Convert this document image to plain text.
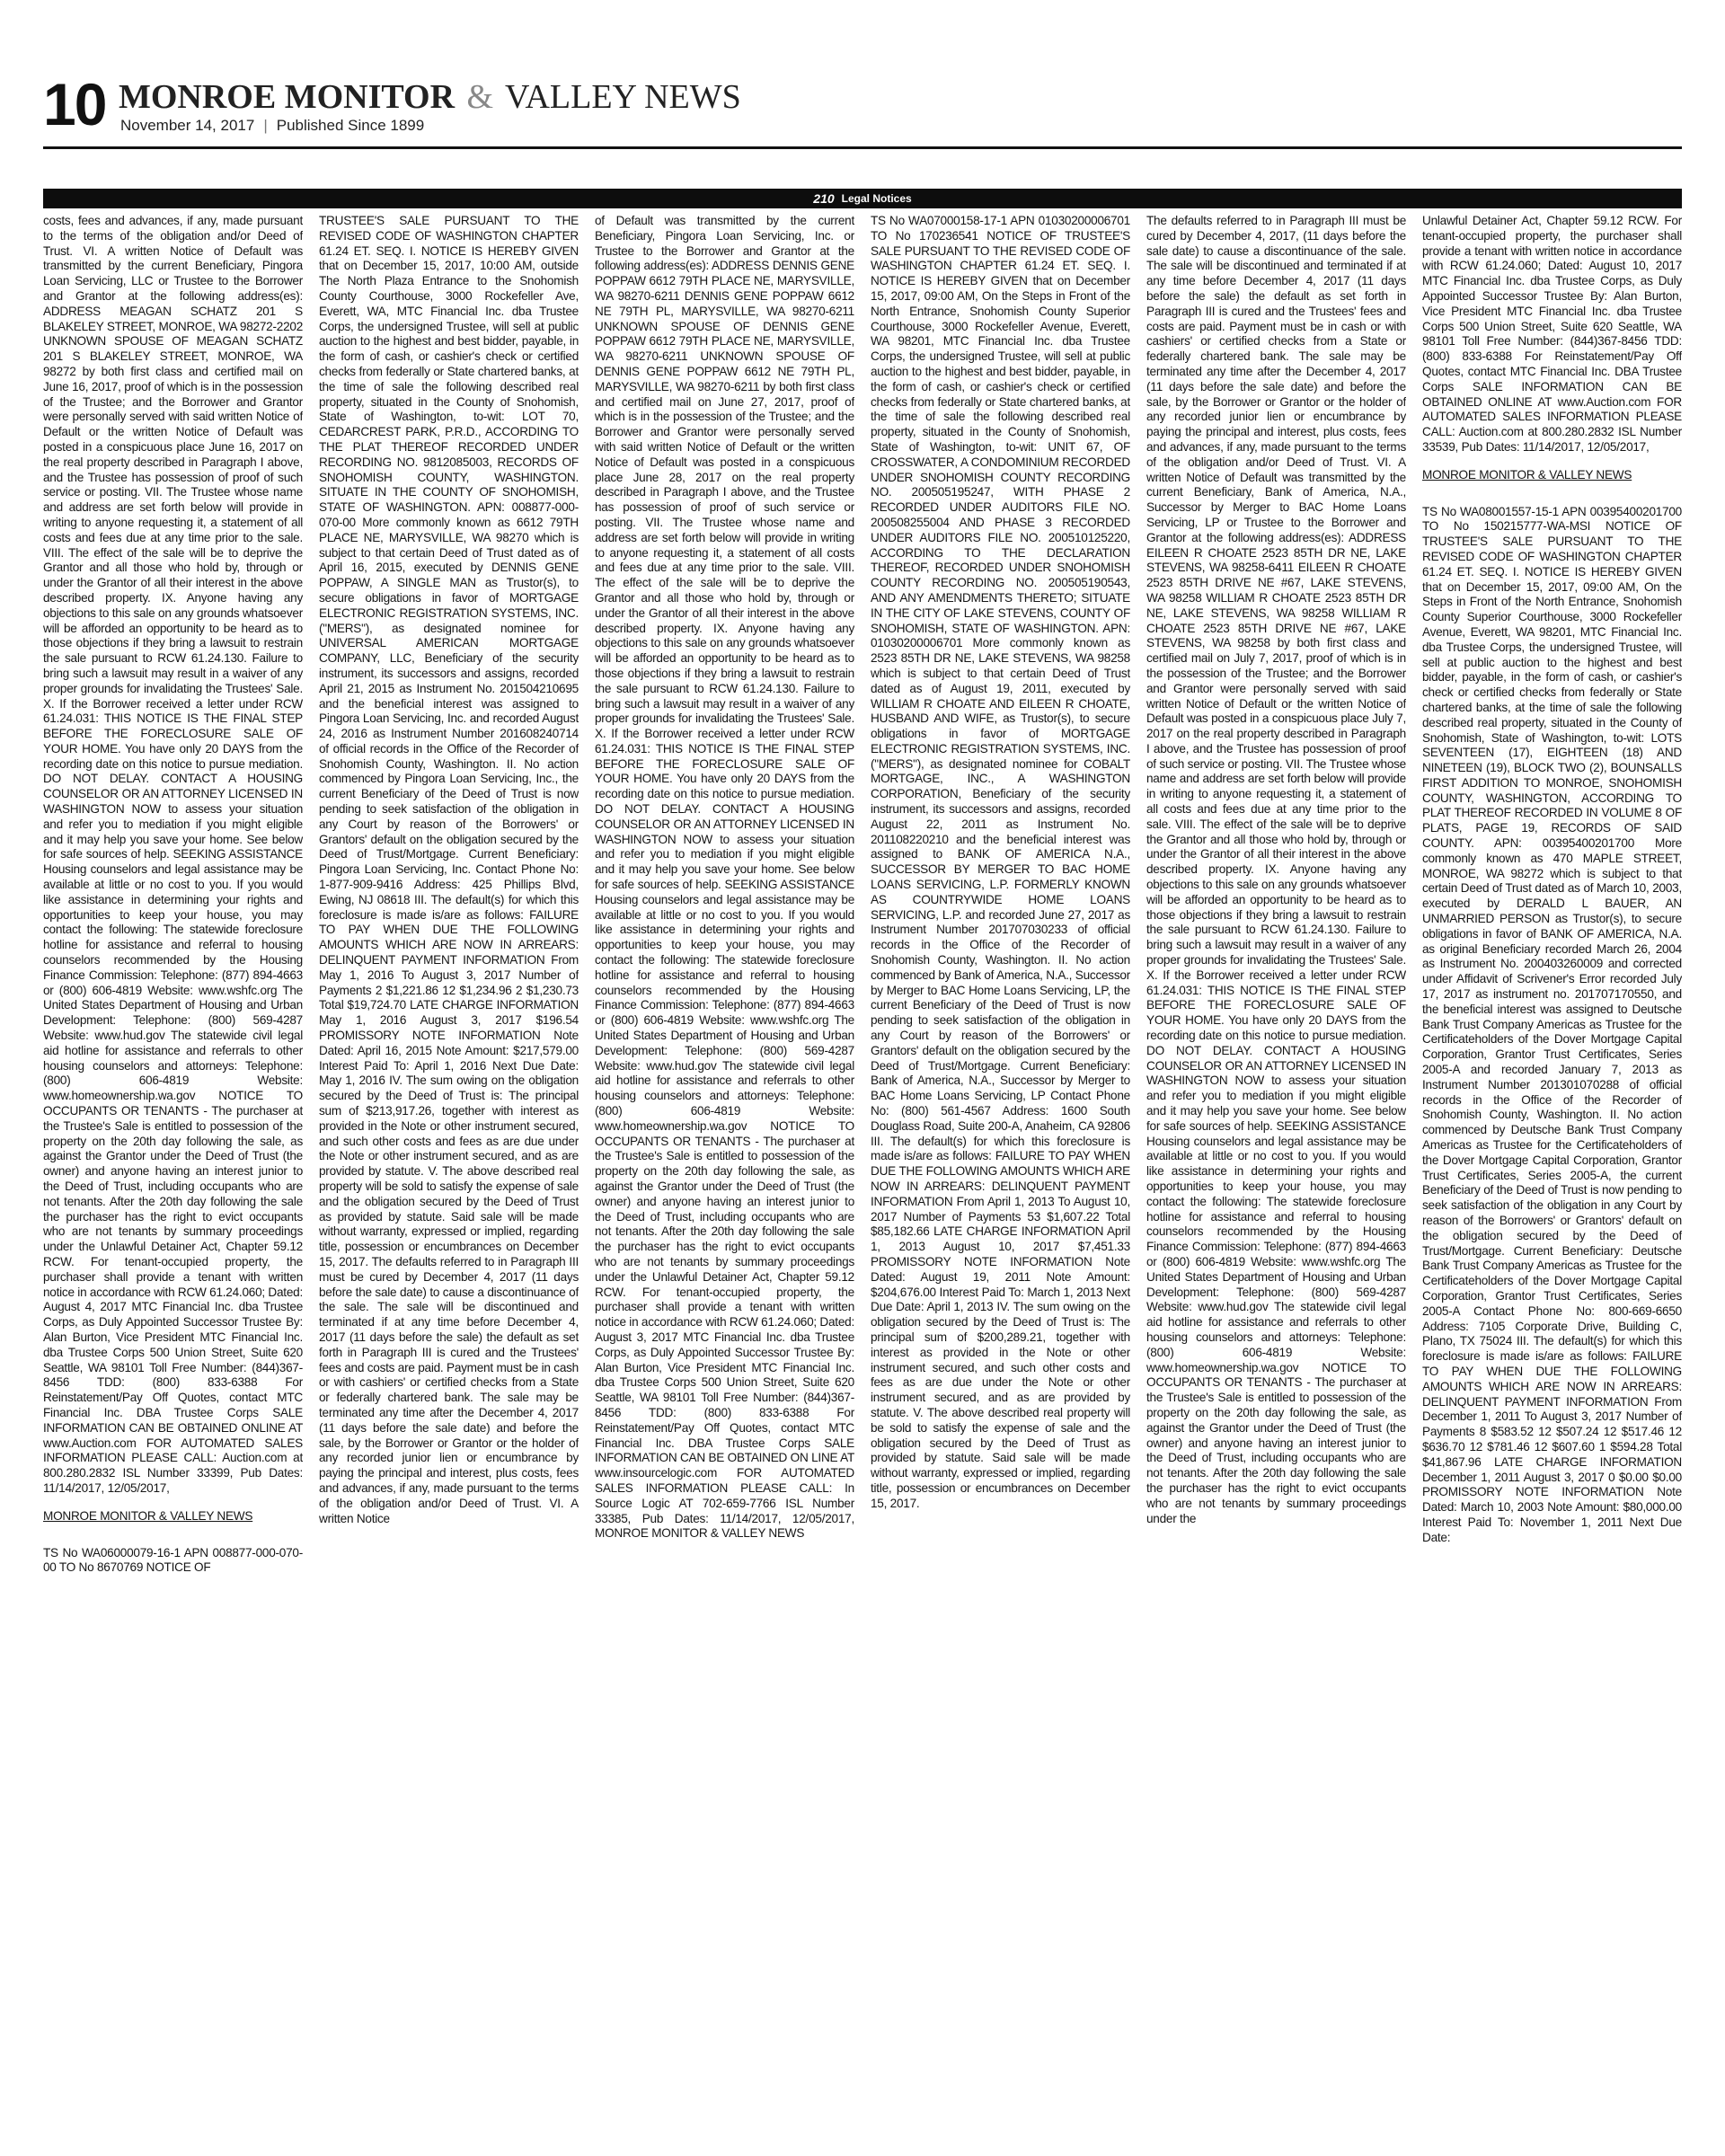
10 MONROE MONITOR & VALLEY NEWS
November 14, 2017 | Published Since 1899
210 Legal Notices

costs, fees and advances, if any, made pursuant to the terms of the obligation and/or Deed of Trust. VI. A written Notice of Default was transmitted by the current Beneficiary, Pingora Loan Servicing, LLC or Trustee to the Borrower and Grantor at the following address(es): ADDRESS MEAGAN SCHATZ 201 S BLAKELEY STREET, MONROE, WA 98272-2202 UNKNOWN SPOUSE OF MEAGAN SCHATZ 201 S BLAKELEY STREET, MONROE, WA 98272 by both first class and certified mail on June 16, 2017, proof of which is in the possession of the Trustee; and the Borrower and Grantor were personally served with said written Notice of Default or the written Notice of Default was posted in a conspicuous place June 16, 2017 on the real property described in Paragraph I above, and the Trustee has possession of proof of such service or posting. VII. The Trustee whose name and address are set forth below will provide in writing to anyone requesting it, a statement of all costs and fees due at any time prior to the sale. VIII. The effect of the sale will be to deprive the Grantor and all those who hold by, through or under the Grantor of all their interest in the above described property. IX. Anyone having any objections to this sale on any grounds whatsoever will be afforded an opportunity to be heard as to those objections if they bring a lawsuit to restrain the sale pursuant to RCW 61.24.130. Failure to bring such a lawsuit may result in a waiver of any proper grounds for invalidating the Trustees' Sale. X. If the Borrower received a letter under RCW 61.24.031: THIS NOTICE IS THE FINAL STEP BEFORE THE FORECLOSURE SALE OF YOUR HOME. You have only 20 DAYS from the recording date on this notice to pursue mediation. DO NOT DELAY. CONTACT A HOUSING COUNSELOR OR AN ATTORNEY LICENSED IN WASHINGTON NOW to assess your situation and refer you to mediation if you might eligible and it may help you save your home. See below for safe sources of help. SEEKING ASSISTANCE Housing counselors and legal assistance may be available at little or no cost to you. If you would like assistance in determining your rights and opportunities to keep your house, you may contact the following: The statewide foreclosure hotline for assistance and referral to housing counselors recommended by the Housing Finance Commission: Telephone: (877) 894-4663 or (800) 606-4819 Website: www.wshfc.org The United States Department of Housing and Urban Development: Telephone: (800) 569-4287 Website: www.hud.gov The statewide civil legal aid hotline for assistance and referrals to other housing counselors and attorneys: Telephone: (800) 606-4819 Website: www.homeownership.wa.gov NOTICE TO OCCUPANTS OR TENANTS - The purchaser at the Trustee's Sale is entitled to possession of the property on the 20th day following the sale, as against the Grantor under the Deed of Trust (the owner) and anyone having an interest junior to the Deed of Trust, including occupants who are not tenants. After the 20th day following the sale the purchaser has the right to evict occupants who are not tenants by summary proceedings under the Unlawful Detainer Act, Chapter 59.12 RCW. For tenant-occupied property, the purchaser shall provide a tenant with written notice in accordance with RCW 61.24.060; Dated: August 4, 2017 MTC Financial Inc. dba Trustee Corps, as Duly Appointed Successor Trustee By: Alan Burton, Vice President MTC Financial Inc. dba Trustee Corps 500 Union Street, Suite 620 Seattle, WA 98101 Toll Free Number: (844)367-8456 TDD: (800) 833-6388 For Reinstatement/Pay Off Quotes, contact MTC Financial Inc. DBA Trustee Corps SALE INFORMATION CAN BE OBTAINED ONLINE AT www.Auction.com FOR AUTOMATED SALES INFORMATION PLEASE CALL: Auction.com at 800.280.2832 ISL Number 33399, Pub Dates: 11/14/2017, 12/05/2017,

MONROE MONITOR & VALLEY NEWS

TS No WA06000079-16-1 APN 008877-000-070-00 TO No 8670769 NOTICE OF

TRUSTEE'S SALE PURSUANT TO THE REVISED CODE OF WASHINGTON CHAPTER 61.24 ET. SEQ. I. NOTICE IS HEREBY GIVEN that on December 15, 2017, 10:00 AM, outside The North Plaza Entrance to the Snohomish County Courthouse, 3000 Rockefeller Ave, Everett, WA, MTC Financial Inc. dba Trustee Corps, the undersigned Trustee, will sell at public auction to the highest and best bidder, payable, in the form of cash, or cashier's check or certified checks from federally or State chartered banks, at the time of sale the following described real property, situated in the County of Snohomish, State of Washington, to-wit: LOT 70, CEDARCREST PARK, P.R.D., ACCORDING TO THE PLAT THEREOF RECORDED UNDER RECORDING NO. 9812085003, RECORDS OF SNOHOMISH COUNTY, WASHINGTON. SITUATE IN THE COUNTY OF SNOHOMISH, STATE OF WASHINGTON. APN: 008877-000-070-00 More commonly known as 6612 79TH PLACE NE, MARYSVILLE, WA 98270 which is subject to that certain Deed of Trust dated as of April 16, 2015, executed by DENNIS GENE POPPAW, A SINGLE MAN as Trustor(s), to secure obligations in favor of MORTGAGE ELECTRONIC REGISTRATION SYSTEMS, INC. ("MERS"), as designated nominee for UNIVERSAL AMERICAN MORTGAGE COMPANY, LLC, Beneficiary of the security instrument, its successors and assigns, recorded April 21, 2015 as Instrument No. 201504210695 and the beneficial interest was assigned to Pingora Loan Servicing, Inc. and recorded August 24, 2016 as Instrument Number 201608240714 of official records in the Office of the Recorder of Snohomish County, Washington. II. No action commenced by Pingora Loan Servicing, Inc., the current Beneficiary of the Deed of Trust is now pending to seek satisfaction of the obligation in any Court by reason of the Borrowers' or Grantors' default on the obligation secured by the Deed of Trust/Mortgage. Current Beneficiary: Pingora Loan Servicing, Inc. Contact Phone No: 1-877-909-9416 Address: 425 Phillips Blvd, Ewing, NJ 08618 III. The default(s) for which this foreclosure is made is/are as follows: FAILURE TO PAY WHEN DUE THE FOLLOWING AMOUNTS WHICH ARE NOW IN ARREARS: DELINQUENT PAYMENT INFORMATION From May 1, 2016 To August 3, 2017 Number of Payments 2 $1,221.86 12 $1,234.96 2 $1,230.73 Total $19,724.70 LATE CHARGE INFORMATION May 1, 2016 August 3, 2017 $196.54 PROMISSORY NOTE INFORMATION Note Dated: April 16, 2015 Note Amount: $217,579.00 Interest Paid To: April 1, 2016 Next Due Date: May 1, 2016 IV. The sum owing on the obligation secured by the Deed of Trust is: The principal sum of $213,917.26, together with interest as provided in the Note or other instrument secured, and such other costs and fees as are due under the Note or other instrument secured, and as are provided by statute. V. The above described real property will be sold to satisfy the expense of sale and the obligation secured by the Deed of Trust as provided by statute. Said sale will be made without warranty, expressed or implied, regarding title, possession or encumbrances on December 15, 2017. The defaults referred to in Paragraph III must be cured by December 4, 2017 (11 days before the sale date) to cause a discontinuance of the sale. The sale will be discontinued and terminated if at any time before December 4, 2017 (11 days before the sale) the default as set forth in Paragraph III is cured and the Trustees' fees and costs are paid. Payment must be in cash or with cashiers' or certified checks from a State or federally chartered bank. The sale may be terminated any time after the December 4, 2017 (11 days before the sale date) and before the sale, by the Borrower or Grantor or the holder of any recorded junior lien or encumbrance by paying the principal and interest, plus costs, fees and advances, if any, made pursuant to the terms of the obligation and/or Deed of Trust. VI. A written Notice

of Default was transmitted by the current Beneficiary, Pingora Loan Servicing, Inc. or Trustee to the Borrower and Grantor at the following address(es): ADDRESS DENNIS GENE POPPAW 6612 79TH PLACE NE, MARYSVILLE, WA 98270-6211 DENNIS GENE POPPAW 6612 NE 79TH PL, MARYSVILLE, WA 98270-6211 UNKNOWN SPOUSE OF DENNIS GENE POPPAW 6612 79TH PLACE NE, MARYSVILLE, WA 98270-6211 UNKNOWN SPOUSE OF DENNIS GENE POPPAW 6612 NE 79TH PL, MARYSVILLE, WA 98270-6211 by both first class and certified mail on June 27, 2017, proof of which is in the possession of the Trustee; and the Borrower and Grantor were personally served with said written Notice of Default or the written Notice of Default was posted in a conspicuous place June 28, 2017 on the real property described in Paragraph I above, and the Trustee has possession of proof of such service or posting. VII. The Trustee whose name and address are set forth below will provide in writing to anyone requesting it, a statement of all costs and fees due at any time prior to the sale. VIII. The effect of the sale will be to deprive the Grantor and all those who hold by, through or under the Grantor of all their interest in the above described property. IX. Anyone having any objections to this sale on any grounds whatsoever will be afforded an opportunity to be heard as to those objections if they bring a lawsuit to restrain the sale pursuant to RCW 61.24.130. Failure to bring such a lawsuit may result in a waiver of any proper grounds for invalidating the Trustees' Sale. X. If the Borrower received a letter under RCW 61.24.031: THIS NOTICE IS THE FINAL STEP BEFORE THE FORECLOSURE SALE OF YOUR HOME. You have only 20 DAYS from the recording date on this notice to pursue mediation. DO NOT DELAY. CONTACT A HOUSING COUNSELOR OR AN ATTORNEY LICENSED IN WASHINGTON NOW to assess your situation and refer you to mediation if you might eligible and it may help you save your home. See below for safe sources of help. SEEKING ASSISTANCE Housing counselors and legal assistance may be available at little or no cost to you. If you would like assistance in determining your rights and opportunities to keep your house, you may contact the following: The statewide foreclosure hotline for assistance and referral to housing counselors recommended by the Housing Finance Commission: Telephone: (877) 894-4663 or (800) 606-4819 Website: www.wshfc.org The United States Department of Housing and Urban Development: Telephone: (800) 569-4287 Website: www.hud.gov The statewide civil legal aid hotline for assistance and referrals to other housing counselors and attorneys: Telephone: (800) 606-4819 Website: www.homeownership.wa.gov NOTICE TO OCCUPANTS OR TENANTS - The purchaser at the Trustee's Sale is entitled to possession of the property on the 20th day following the sale, as against the Grantor under the Deed of Trust (the owner) and anyone having an interest junior to the Deed of Trust, including occupants who are not tenants. After the 20th day following the sale the purchaser has the right to evict occupants who are not tenants by summary proceedings under the Unlawful Detainer Act, Chapter 59.12 RCW. For tenant-occupied property, the purchaser shall provide a tenant with written notice in accordance with RCW 61.24.060; Dated: August 3, 2017 MTC Financial Inc. dba Trustee Corps, as Duly Appointed Successor Trustee By: Alan Burton, Vice President MTC Financial Inc. dba Trustee Corps 500 Union Street, Suite 620 Seattle, WA 98101 Toll Free Number: (844)367-8456 TDD: (800) 833-6388 For Reinstatement/Pay Off Quotes, contact MTC Financial Inc. DBA Trustee Corps SALE INFORMATION CAN BE OBTAINED ON LINE AT www.insourcelogic.com FOR AUTOMATED SALES INFORMATION PLEASE CALL: In Source Logic AT 702-659-7766 ISL Number 33385, Pub Dates: 11/14/2017, 12/05/2017, MONROE MONITOR & VALLEY NEWS

TS No WA07000158-17-1 APN 01030200006701 TO No 170236541 NOTICE OF TRUSTEE'S SALE PURSUANT TO THE REVISED CODE OF WASHINGTON CHAPTER 61.24 ET. SEQ. I. NOTICE IS HEREBY GIVEN that on December 15, 2017, 09:00 AM, On the Steps in Front of the North Entrance, Snohomish County Superior Courthouse, 3000 Rockefeller Avenue, Everett, WA 98201, MTC Financial Inc. dba Trustee Corps, the undersigned Trustee, will sell at public auction to the highest and best bidder, payable, in the form of cash, or cashier's check or certified checks from federally or State chartered banks, at the time of sale the following described real property, situated in the County of Snohomish, State of Washington, to-wit: UNIT 67, OF CROSSWATER, A CONDOMINIUM RECORDED UNDER SNOHOMISH COUNTY RECORDING NO. 200505195247, WITH PHASE 2 RECORDED UNDER AUDITORS FILE NO. 200508255004 AND PHASE 3 RECORDED UNDER AUDITORS FILE NO. 200510125220, ACCORDING TO THE DECLARATION THEREOF, RECORDED UNDER SNOHOMISH COUNTY RECORDING NO. 200505190543, AND ANY AMENDMENTS THERETO; SITUATE IN THE CITY OF LAKE STEVENS, COUNTY OF SNOHOMISH, STATE OF WASHINGTON. APN: 01030200006701 More commonly known as 2523 85TH DR NE, LAKE STEVENS, WA 98258 which is subject to that certain Deed of Trust dated as of August 19, 2011, executed by WILLIAM R CHOATE AND EILEEN R CHOATE, HUSBAND AND WIFE, as Trustor(s), to secure obligations in favor of MORTGAGE ELECTRONIC REGISTRATION SYSTEMS, INC. ("MERS"), as designated nominee for COBALT MORTGAGE, INC., A WASHINGTON CORPORATION, Beneficiary of the security instrument, its successors and assigns, recorded August 22, 2011 as Instrument No. 201108220210 and the beneficial interest was assigned to BANK OF AMERICA N.A., SUCCESSOR BY MERGER TO BAC HOME LOANS SERVICING, L.P. FORMERLY KNOWN AS COUNTRYWIDE HOME LOANS SERVICING, L.P. and recorded June 27, 2017 as Instrument Number 201707030233 of official records in the Office of the Recorder of Snohomish County, Washington. II. No action commenced by Bank of America, N.A., Successor by Merger to BAC Home Loans Servicing, LP, the current Beneficiary of the Deed of Trust is now pending to seek satisfaction of the obligation in any Court by reason of the Borrowers' or Grantors' default on the obligation secured by the Deed of Trust/Mortgage. Current Beneficiary: Bank of America, N.A., Successor by Merger to BAC Home Loans Servicing, LP Contact Phone No: (800) 561-4567 Address: 1600 South Douglass Road, Suite 200-A, Anaheim, CA 92806 III. The default(s) for which this foreclosure is made is/are as follows: FAILURE TO PAY WHEN DUE THE FOLLOWING AMOUNTS WHICH ARE NOW IN ARREARS: DELINQUENT PAYMENT INFORMATION From April 1, 2013 To August 10, 2017 Number of Payments 53 $1,607.22 Total $85,182.66 LATE CHARGE INFORMATION April 1, 2013 August 10, 2017 $7,451.33 PROMISSORY NOTE INFORMATION Note Dated: August 19, 2011 Note Amount: $204,676.00 Interest Paid To: March 1, 2013 Next Due Date: April 1, 2013 IV. The sum owing on the obligation secured by the Deed of Trust is: The principal sum of $200,289.21, together with interest as provided in the Note or other instrument secured, and such other costs and fees as are due under the Note or other instrument secured, and as are provided by statute. V. The above described real property will be sold to satisfy the expense of sale and the obligation secured by the Deed of Trust as provided by statute. Said sale will be made without warranty, expressed or implied, regarding title, possession or encumbrances on December 15, 2017.

The defaults referred to in Paragraph III must be cured by December 4, 2017, (11 days before the sale date) to cause a discontinuance of the sale. The sale will be discontinued and terminated if at any time before December 4, 2017 (11 days before the sale) the default as set forth in Paragraph III is cured and the Trustees' fees and costs are paid. Payment must be in cash or with cashiers' or certified checks from a State or federally chartered bank. The sale may be terminated any time after the December 4, 2017 (11 days before the sale date) and before the sale, by the Borrower or Grantor or the holder of any recorded junior lien or encumbrance by paying the principal and interest, plus costs, fees and advances, if any, made pursuant to the terms of the obligation and/or Deed of Trust. VI. A written Notice of Default was transmitted by the current Beneficiary, Bank of America, N.A., Successor by Merger to BAC Home Loans Servicing, LP or Trustee to the Borrower and Grantor at the following address(es): ADDRESS EILEEN R CHOATE 2523 85TH DR NE, LAKE STEVENS, WA 98258-6411 EILEEN R CHOATE 2523 85TH DRIVE NE #67, LAKE STEVENS, WA 98258 WILLIAM R CHOATE 2523 85TH DR NE, LAKE STEVENS, WA 98258 WILLIAM R CHOATE 2523 85TH DRIVE NE #67, LAKE STEVENS, WA 98258 by both first class and certified mail on July 7, 2017, proof of which is in the possession of the Trustee; and the Borrower and Grantor were personally served with said written Notice of Default or the written Notice of Default was posted in a conspicuous place July 7, 2017 on the real property described in Paragraph I above, and the Trustee has possession of proof of such service or posting. VII. The Trustee whose name and address are set forth below will provide in writing to anyone requesting it, a statement of all costs and fees due at any time prior to the sale. VIII. The effect of the sale will be to deprive the Grantor and all those who hold by, through or under the Grantor of all their interest in the above described property. IX. Anyone having any objections to this sale on any grounds whatsoever will be afforded an opportunity to be heard as to those objections if they bring a lawsuit to restrain the sale pursuant to RCW 61.24.130. Failure to bring such a lawsuit may result in a waiver of any proper grounds for invalidating the Trustees' Sale. X. If the Borrower received a letter under RCW 61.24.031: THIS NOTICE IS THE FINAL STEP BEFORE THE FORECLOSURE SALE OF YOUR HOME. You have only 20 DAYS from the recording date on this notice to pursue mediation. DO NOT DELAY. CONTACT A HOUSING COUNSELOR OR AN ATTORNEY LICENSED IN WASHINGTON NOW to assess your situation and refer you to mediation if you might eligible and it may help you save your home. See below for safe sources of help. SEEKING ASSISTANCE Housing counselors and legal assistance may be available at little or no cost to you. If you would like assistance in determining your rights and opportunities to keep your house, you may contact the following: The statewide foreclosure hotline for assistance and referral to housing counselors recommended by the Housing Finance Commission: Telephone: (877) 894-4663 or (800) 606-4819 Website: www.wshfc.org The United States Department of Housing and Urban Development: Telephone: (800) 569-4287 Website: www.hud.gov The statewide civil legal aid hotline for assistance and referrals to other housing counselors and attorneys: Telephone: (800) 606-4819 Website: www.homeownership.wa.gov NOTICE TO OCCUPANTS OR TENANTS - The purchaser at the Trustee's Sale is entitled to possession of the property on the 20th day following the sale, as against the Grantor under the Deed of Trust (the owner) and anyone having an interest junior to the Deed of Trust, including occupants who are not tenants. After the 20th day following the sale the purchaser has the right to evict occupants who are not tenants by summary proceedings under the

Unlawful Detainer Act, Chapter 59.12 RCW. For tenant-occupied property, the purchaser shall provide a tenant with written notice in accordance with RCW 61.24.060; Dated: August 10, 2017 MTC Financial Inc. dba Trustee Corps, as Duly Appointed Successor Trustee By: Alan Burton, Vice President MTC Financial Inc. dba Trustee Corps 500 Union Street, Suite 620 Seattle, WA 98101 Toll Free Number: (844)367-8456 TDD: (800) 833-6388 For Reinstatement/Pay Off Quotes, contact MTC Financial Inc. DBA Trustee Corps SALE INFORMATION CAN BE OBTAINED ONLINE AT www.Auction.com FOR AUTOMATED SALES INFORMATION PLEASE CALL: Auction.com at 800.280.2832 ISL Number 33539, Pub Dates: 11/14/2017, 12/05/2017,

MONROE MONITOR & VALLEY NEWS

TS No WA08001557-15-1 APN 00395400201700 TO No 150215777-WA-MSI NOTICE OF TRUSTEE'S SALE PURSUANT TO THE REVISED CODE OF WASHINGTON CHAPTER 61.24 ET. SEQ. I. NOTICE IS HEREBY GIVEN that on December 15, 2017, 09:00 AM, On the Steps in Front of the North Entrance, Snohomish County Superior Courthouse, 3000 Rockefeller Avenue, Everett, WA 98201, MTC Financial Inc. dba Trustee Corps, the undersigned Trustee, will sell at public auction to the highest and best bidder, payable, in the form of cash, or cashier's check or certified checks from federally or State chartered banks, at the time of sale the following described real property, situated in the County of Snohomish, State of Washington, to-wit: LOTS SEVENTEEN (17), EIGHTEEN (18) AND NINETEEN (19), BLOCK TWO (2), BOUNSALLS FIRST ADDITION TO MONROE, SNOHOMISH COUNTY, WASHINGTON, ACCORDING TO PLAT THEREOF RECORDED IN VOLUME 8 OF PLATS, PAGE 19, RECORDS OF SAID COUNTY. APN: 00395400201700 More commonly known as 470 MAPLE STREET, MONROE, WA 98272 which is subject to that certain Deed of Trust dated as of March 10, 2003, executed by DERALD L BAUER, AN UNMARRIED PERSON as Trustor(s), to secure obligations in favor of BANK OF AMERICA, N.A. as original Beneficiary recorded March 26, 2004 as Instrument No. 200403260009 and corrected under Affidavit of Scrivener's Error recorded July 17, 2017 as instrument no. 201707170550, and the beneficial interest was assigned to Deutsche Bank Trust Company Americas as Trustee for the Certificateholders of the Dover Mortgage Capital Corporation, Grantor Trust Certificates, Series 2005-A and recorded January 7, 2013 as Instrument Number 201301070288 of official records in the Office of the Recorder of Snohomish County, Washington. II. No action commenced by Deutsche Bank Trust Company Americas as Trustee for the Certificateholders of the Dover Mortgage Capital Corporation, Grantor Trust Certificates, Series 2005-A, the current Beneficiary of the Deed of Trust is now pending to seek satisfaction of the obligation in any Court by reason of the Borrowers' or Grantors' default on the obligation secured by the Deed of Trust/Mortgage. Current Beneficiary: Deutsche Bank Trust Company Americas as Trustee for the Certificateholders of the Dover Mortgage Capital Corporation, Grantor Trust Certificates, Series 2005-A Contact Phone No: 800-669-6650 Address: 7105 Corporate Drive, Building C, Plano, TX 75024 III. The default(s) for which this foreclosure is made is/are as follows: FAILURE TO PAY WHEN DUE THE FOLLOWING AMOUNTS WHICH ARE NOW IN ARREARS: DELINQUENT PAYMENT INFORMATION From December 1, 2011 To August 3, 2017 Number of Payments 8 $583.52 12 $507.24 12 $517.46 12 $636.70 12 $781.46 12 $607.60 1 $594.28 Total $41,867.96 LATE CHARGE INFORMATION December 1, 2011 August 3, 2017 0 $0.00 $0.00 PROMISSORY NOTE INFORMATION Note Dated: March 10, 2003 Note Amount: $80,000.00 Interest Paid To: November 1, 2011 Next Due Date:
